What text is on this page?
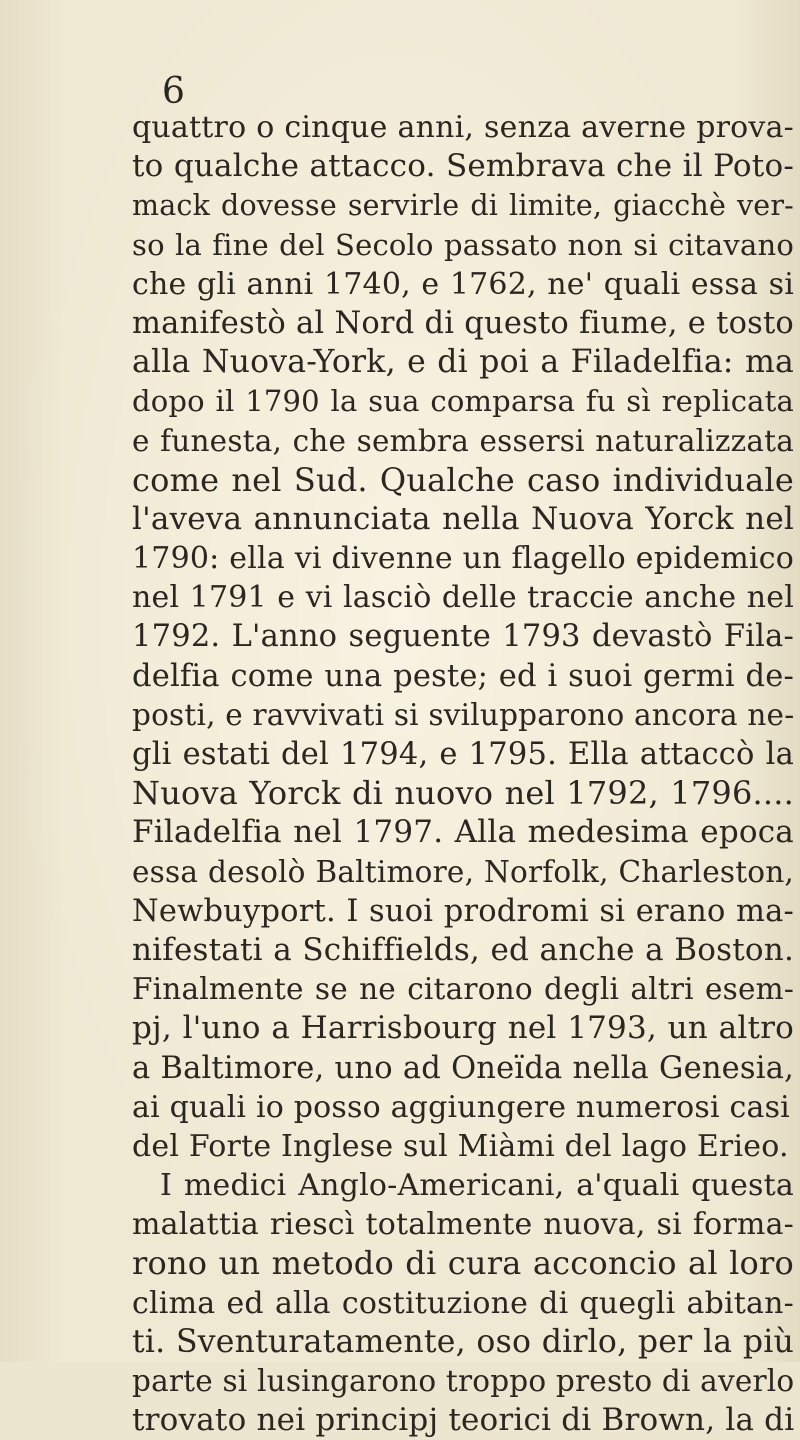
6
quattro o cinque anni, senza averne prova-
to qualche attacco. Sembrava che il Poto-
mack dovesse servirle di limite, giacchè ver-
so la fine del Secolo passato non si citavano
che gli anni 1740, e 1762, ne' quali essa si
manifestò al Nord di questo fiume, e tosto
alla Nuova-York, e di poi a Filadelfia: ma
dopo il 1790 la sua comparsa fu sì replicata
e funesta, che sembra essersi naturalizzata
come nel Sud. Qualche caso individuale
l'aveva annunciata nella Nuova Yorck nel
1790: ella vi divenne un flagello epidemico
nel 1791 e vi lasciò delle traccie anche nel
1792. L'anno seguente 1793 devastò Fila-
delfia come una peste; ed i suoi germi de-
posti, e ravvivati si svilupparono ancora ne-
gli estati del 1794, e 1795. Ella attaccò la
Nuova Yorck di nuovo nel 1792, 1796....
Filadelfia nel 1797. Alla medesima epoca
essa desolò Baltimore, Norfolk, Charleston,
Newbuyport. I suoi prodromi si erano ma-
nifestati a Schiffields, ed anche a Boston.
Finalmente se ne citarono degli altri esem-
pj, l'uno a Harrisbourg nel 1793, un altro
a Baltimore, uno ad Oneïda nella Genesia,
ai quali io posso aggiungere numerosi casi
del Forte Inglese sul Miàmi del lago Erieo.
I medici Anglo-Americani, a'quali questa
malattia riescì totalmente nuova, si forma-
rono un metodo di cura acconcio al loro
clima ed alla costituzione di quegli abitan-
ti. Sventuratamente, oso dirlo, per la più
parte si lusingarono troppo presto di averlo
trovato nei principj teorici di Brown, la di
